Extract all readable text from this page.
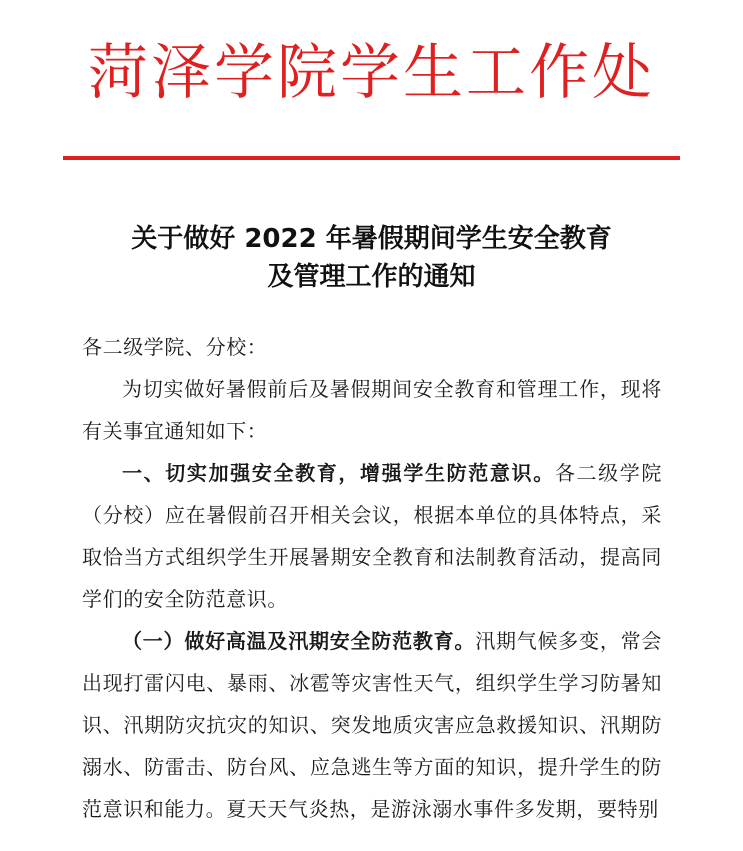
菏泽学院学生工作处
关于做好 2022 年暑假期间学生安全教育
及管理工作的通知

各二级学院、分校：

为切实做好暑假前后及暑假期间安全教育和管理工作，现将有关事宜通知如下：

一、切实加强安全教育，增强学生防范意识。各二级学院（分校）应在暑假前召开相关会议，根据本单位的具体特点，采取恰当方式组织学生开展暑期安全教育和法制教育活动，提高同学们的安全防范意识。

（一）做好高温及汛期安全防范教育。汛期气候多变，常会出现打雷闪电、暴雨、冰雹等灾害性天气，组织学生学习防暑知识、汛期防灾抗灾的知识、突发地质灾害应急救援知识、汛期防溺水、防雷击、防台风、应急逃生等方面的知识，提升学生的防范意识和能力。夏天天气炎热，是游泳溺水事件多发期，要特别
